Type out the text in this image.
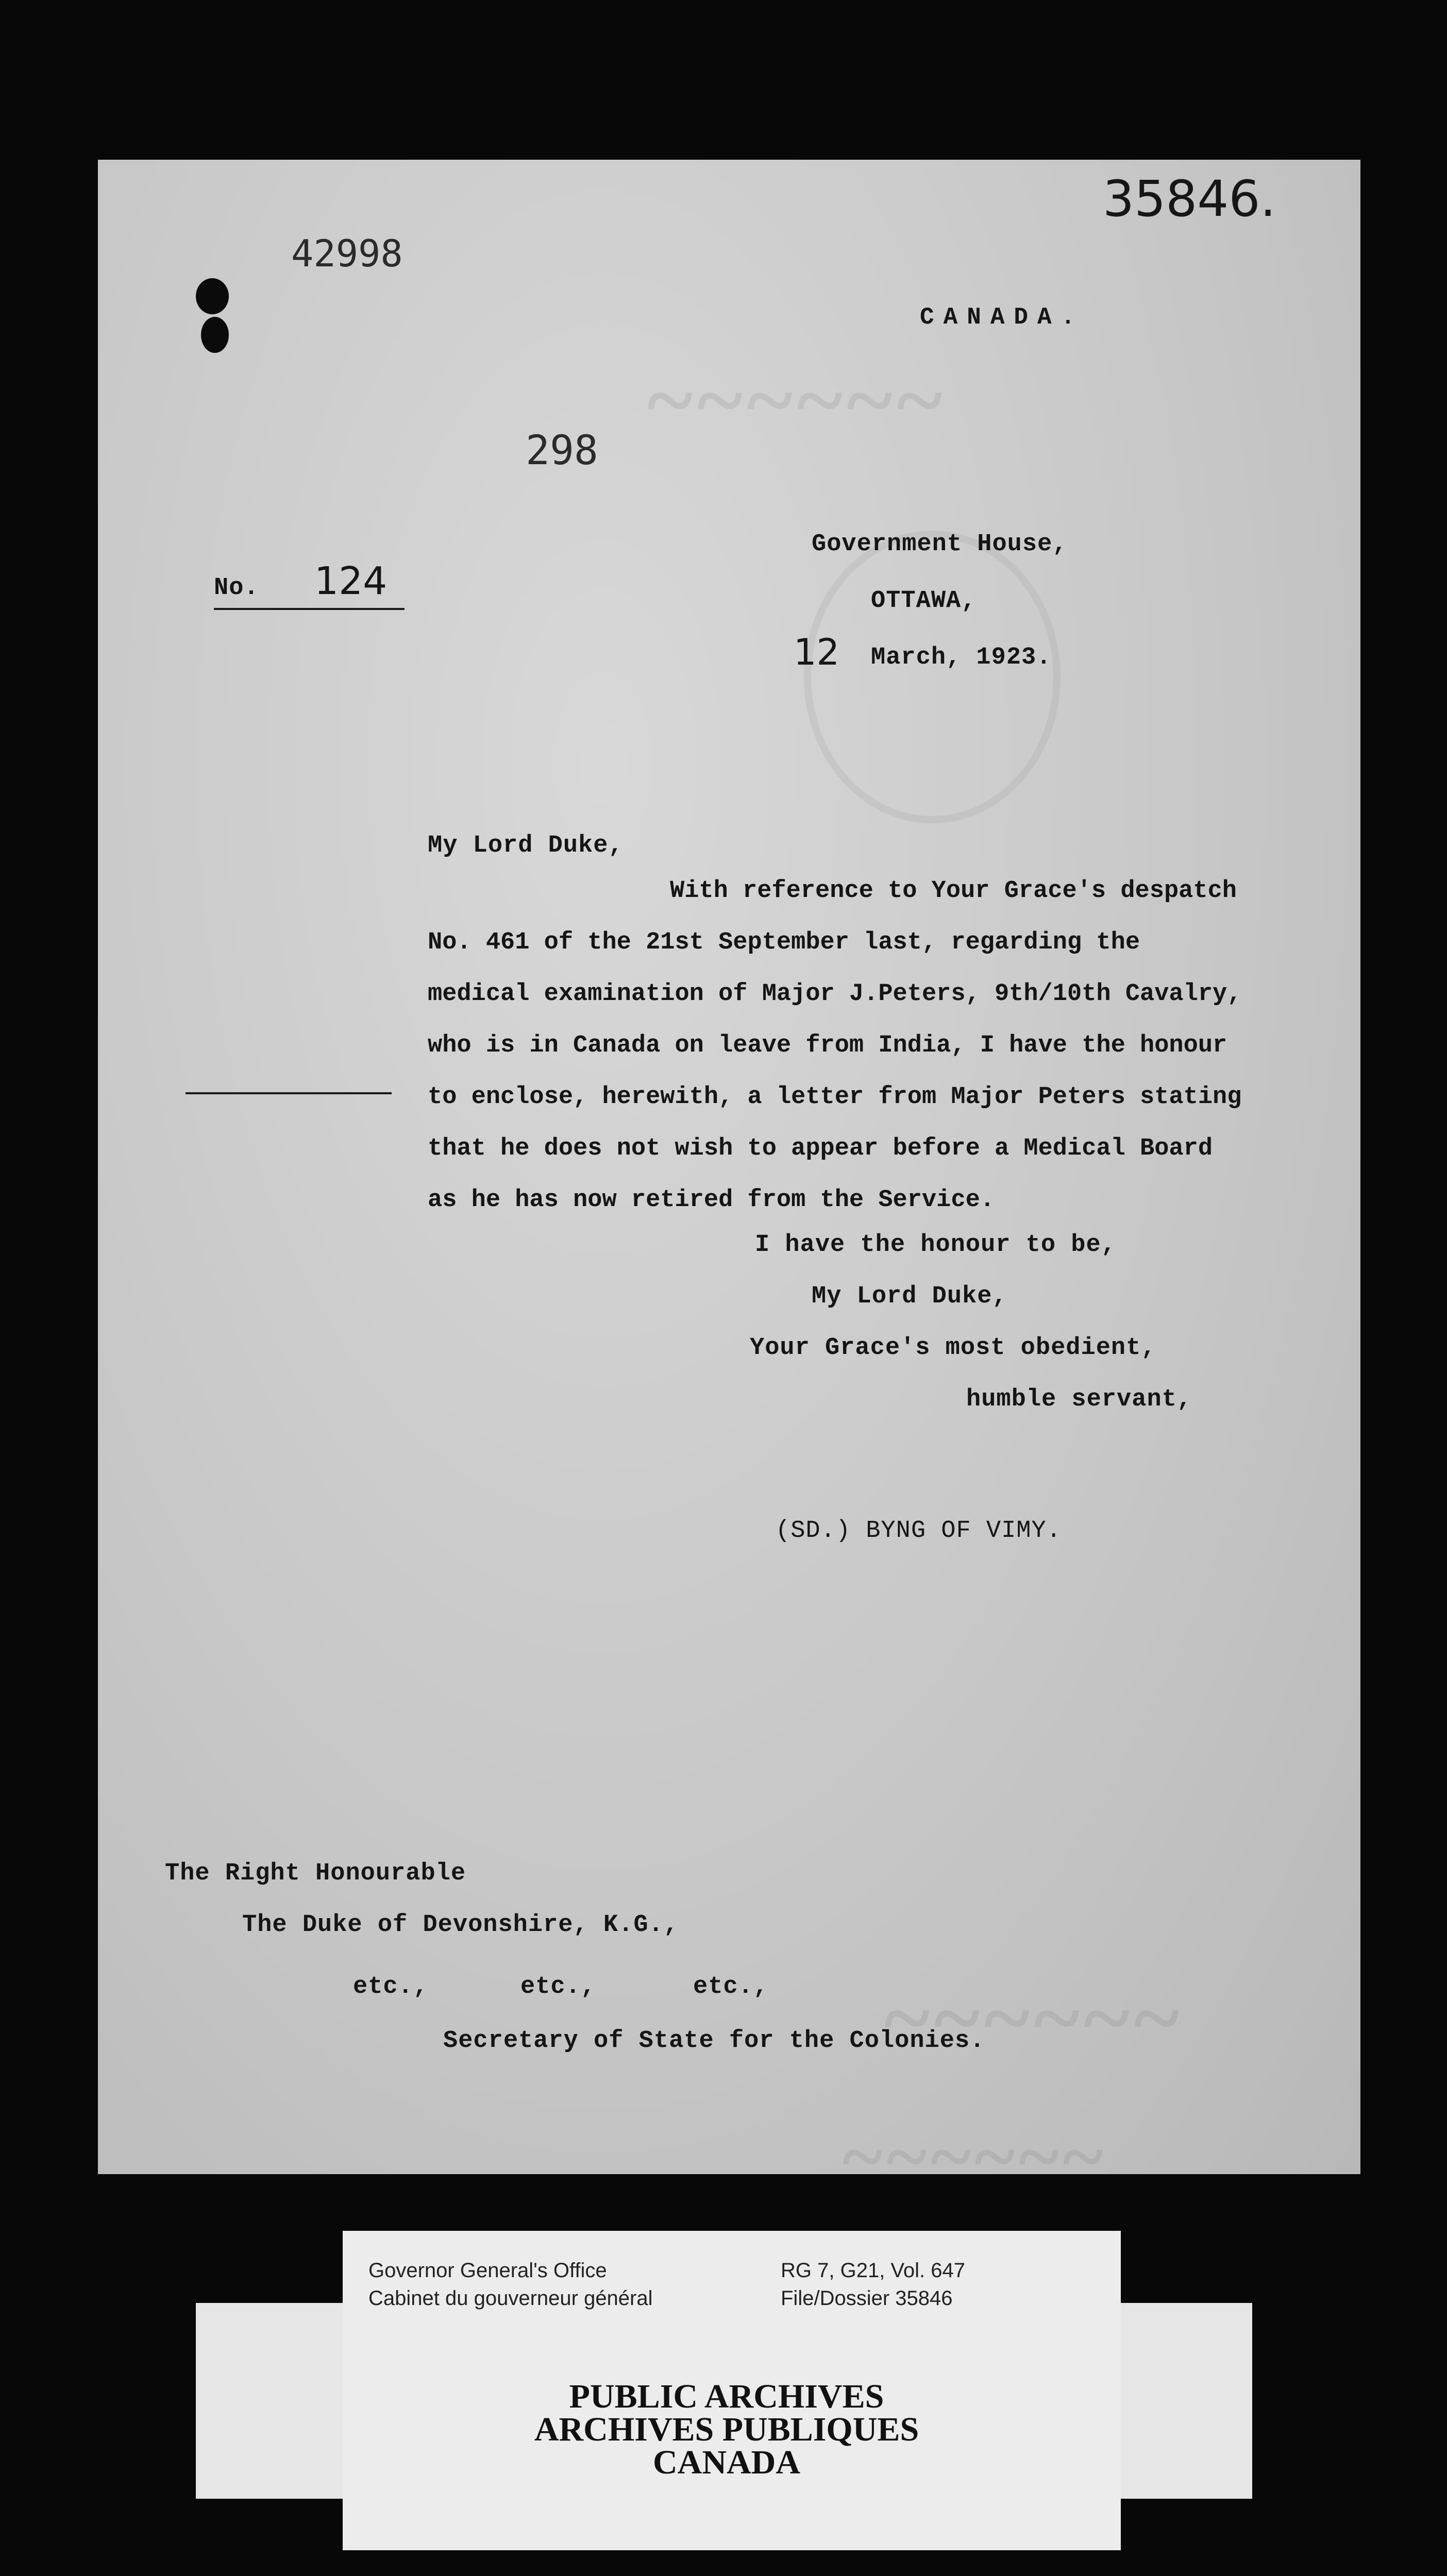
~~~~~~
~~~~~~
~~~~~~
35846.
42998
298
CANADA.
Government House,
OTTAWA,
12 March, 1923.
No. 124
My Lord Duke,
With reference to Your Grace's despatch
No. 461 of the 21st September last, regarding the
medical examination of Major J.Peters, 9th/10th Cavalry,
who is in Canada on leave from India, I have the honour
to enclose, herewith, a letter from Major Peters stating
that he does not wish to appear before a Medical Board
as he has now retired from the Service.
I have the honour to be,
My Lord Duke,
Your Grace's most obedient,
humble servant,
(SD.) BYNG OF VIMY.
The Right Honourable
The Duke of Devonshire, K.G.,
etc.,	etc.,	etc.,
Secretary of State for the Colonies.
Governor General's Office
Cabinet du gouverneur général
RG 7, G21, Vol. 647
File/Dossier 35846
PUBLIC ARCHIVES
ARCHIVES PUBLIQUES
CANADA
